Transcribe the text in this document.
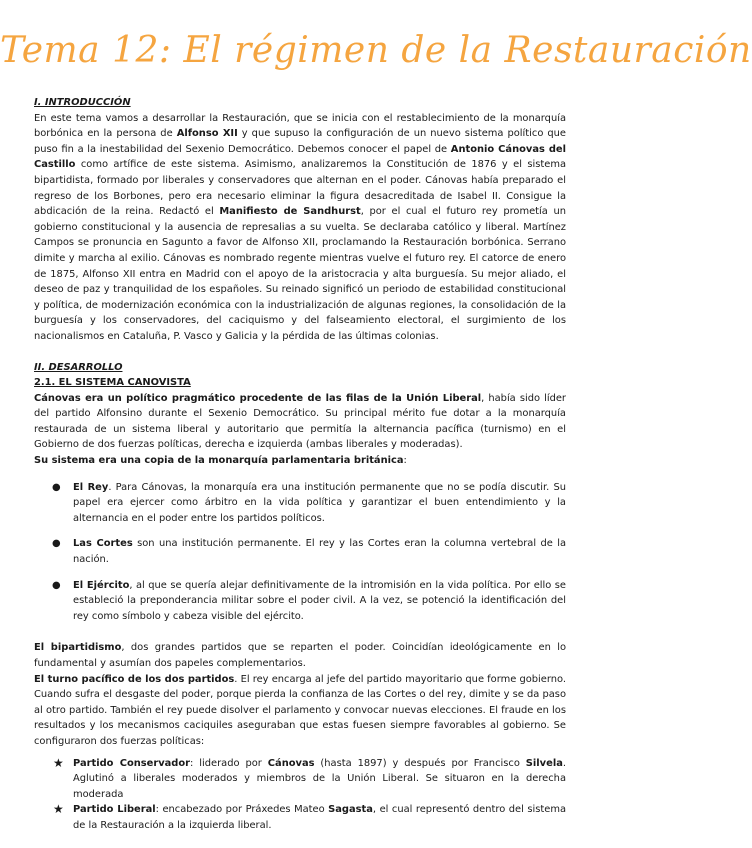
Tema 12: El régimen de la Restauración
I. INTRODUCCIÓN

En este tema vamos a desarrollar la Restauración, que se inicia con el restablecimiento de la monarquía borbónica en la persona de Alfonso XII y que supuso la configuración de un nuevo sistema político que puso fin a la inestabilidad del Sexenio Democrático. Debemos conocer el papel de Antonio Cánovas del Castillo como artífice de este sistema. Asimismo, analizaremos la Constitución de 1876 y el sistema bipartidista, formado por liberales y conservadores que alternan en el poder. Cánovas había preparado el regreso de los Borbones, pero era necesario eliminar la figura desacreditada de Isabel II. Consigue la abdicación de la reina. Redactó el Manifiesto de Sandhurst, por el cual el futuro rey prometía un gobierno constitucional y la ausencia de represalias a su vuelta. Se declaraba católico y liberal. Martínez Campos se pronuncia en Sagunto a favor de Alfonso XII, proclamando la Restauración borbónica. Serrano dimite y marcha al exilio. Cánovas es nombrado regente mientras vuelve el futuro rey. El catorce de enero de 1875, Alfonso XII entra en Madrid con el apoyo de la aristocracia y alta burguesía. Su mejor aliado, el deseo de paz y tranquilidad de los españoles. Su reinado significó un periodo de estabilidad constitucional y política, de modernización económica con la industrialización de algunas regiones, la consolidación de la burguesía y los conservadores, del caciquismo y del falseamiento electoral, el surgimiento de los nacionalismos en Cataluña, P. Vasco y Galicia y la pérdida de las últimas colonias.

II. DESARROLLO
2.1. EL SISTEMA CANOVISTA

Cánovas era un político pragmático procedente de las filas de la Unión Liberal, había sido líder del partido Alfonsino durante el Sexenio Democrático. Su principal mérito fue dotar a la monarquía restaurada de un sistema liberal y autoritario que permitía la alternancia pacífica (turnismo) en el Gobierno de dos fuerzas políticas, derecha e izquierda (ambas liberales y moderadas).

Su sistema era una copia de la monarquía parlamentaria británica:

● El Rey. Para Cánovas, la monarquía era una institución permanente que no se podía discutir. Su papel era ejercer como árbitro en la vida política y garantizar el buen entendimiento y la alternancia en el poder entre los partidos políticos.
● Las Cortes son una institución permanente. El rey y las Cortes eran la columna vertebral de la nación.
● El Ejército, al que se quería alejar definitivamente de la intromisión en la vida política. Por ello se estableció la preponderancia militar sobre el poder civil. A la vez, se potenció la identificación del rey como símbolo y cabeza visible del ejército.

El bipartidismo, dos grandes partidos que se reparten el poder. Coincidían ideológicamente en lo fundamental y asumían dos papeles complementarios.

El turno pacífico de los dos partidos. El rey encarga al jefe del partido mayoritario que forme gobierno. Cuando sufra el desgaste del poder, porque pierda la confianza de las Cortes o del rey, dimite y se da paso al otro partido. También el rey puede disolver el parlamento y convocar nuevas elecciones. El fraude en los resultados y los mecanismos caciquiles aseguraban que estas fuesen siempre favorables al gobierno. Se configuraron dos fuerzas políticas:

★ Partido Conservador: liderado por Cánovas (hasta 1897) y después por Francisco Silvela. Aglutinó a liberales moderados y miembros de la Unión Liberal. Se situaron en la derecha moderada
★ Partido Liberal: encabezado por Práxedes Mateo Sagasta, el cual representó dentro del sistema de la Restauración a la izquierda liberal.
